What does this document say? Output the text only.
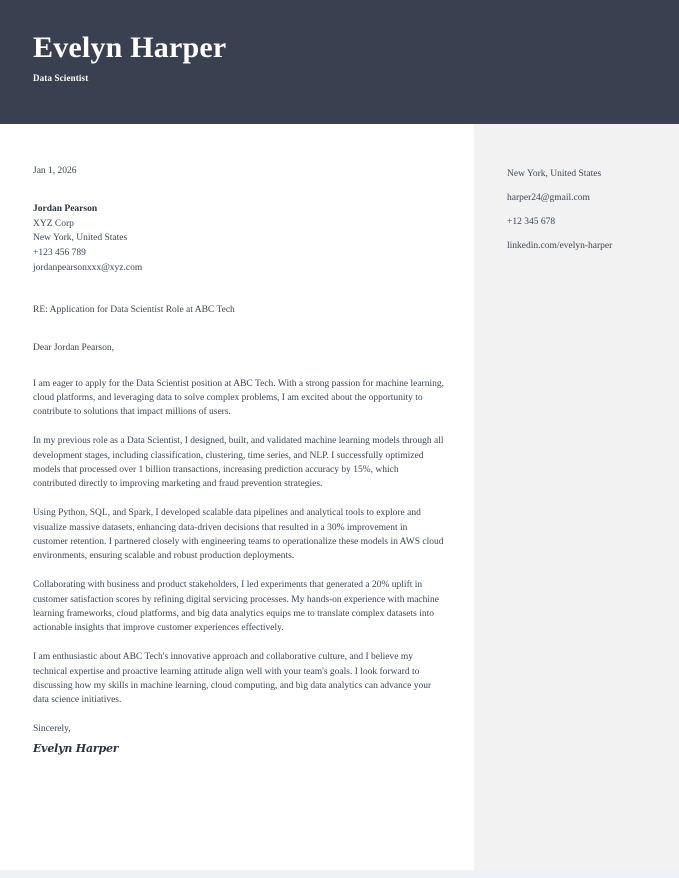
Evelyn Harper
Data Scientist
New York, United States
harper24@gmail.com
+12 345 678
linkedin.com/evelyn-harper
Jan 1, 2026
Jordan Pearson
XYZ Corp
New York, United States
+123 456 789
jordanpearsonxxx@xyz.com
RE: Application for Data Scientist Role at ABC Tech
Dear Jordan Pearson,
I am eager to apply for the Data Scientist position at ABC Tech. With a strong passion for machine learning, cloud platforms, and leveraging data to solve complex problems, I am excited about the opportunity to contribute to solutions that impact millions of users.
In my previous role as a Data Scientist, I designed, built, and validated machine learning models through all development stages, including classification, clustering, time series, and NLP. I successfully optimized models that processed over 1 billion transactions, increasing prediction accuracy by 15%, which contributed directly to improving marketing and fraud prevention strategies.
Using Python, SQL, and Spark, I developed scalable data pipelines and analytical tools to explore and visualize massive datasets, enhancing data-driven decisions that resulted in a 30% improvement in customer retention. I partnered closely with engineering teams to operationalize these models in AWS cloud environments, ensuring scalable and robust production deployments.
Collaborating with business and product stakeholders, I led experiments that generated a 20% uplift in customer satisfaction scores by refining digital servicing processes. My hands-on experience with machine learning frameworks, cloud platforms, and big data analytics equips me to translate complex datasets into actionable insights that improve customer experiences effectively.
I am enthusiastic about ABC Tech's innovative approach and collaborative culture, and I believe my technical expertise and proactive learning attitude align well with your team's goals. I look forward to discussing how my skills in machine learning, cloud computing, and big data analytics can advance your data science initiatives.
Sincerely,
Evelyn Harper
